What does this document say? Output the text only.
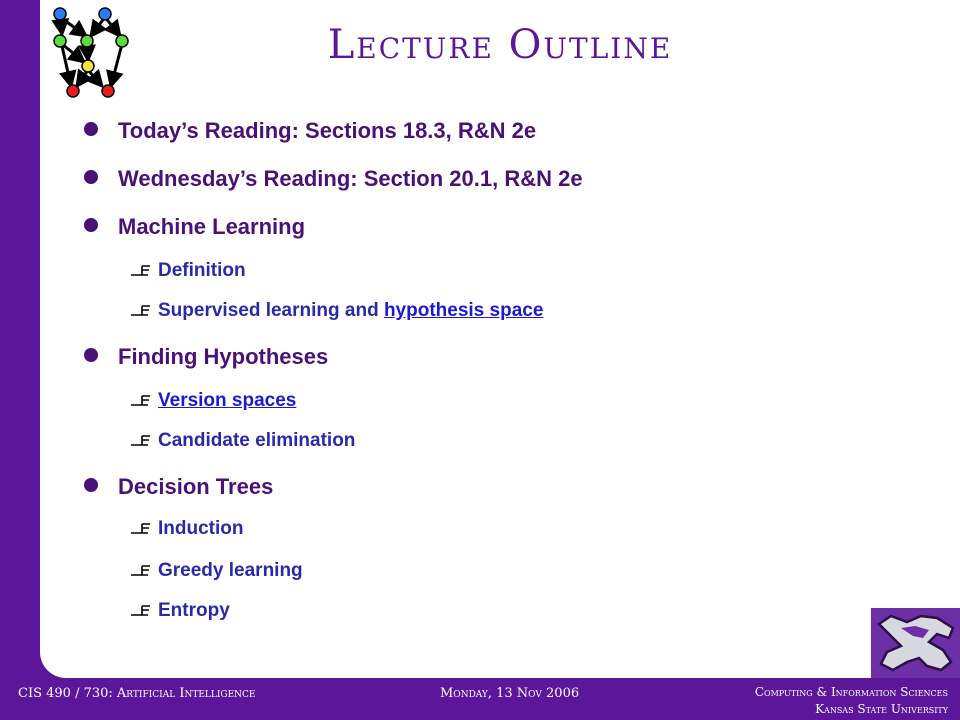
Lecture Outline
Today’s Reading: Sections 18.3, R&N 2e
Wednesday’s Reading: Section 20.1, R&N 2e
Machine Learning
Definition
Supervised learning and hypothesis space
Finding Hypotheses
Version spaces
Candidate elimination
Decision Trees
Induction
Greedy learning
Entropy
CIS 490 / 730: Artificial Intelligence	Monday, 13 Nov 2006	Computing & Information Sciences
Kansas State University
